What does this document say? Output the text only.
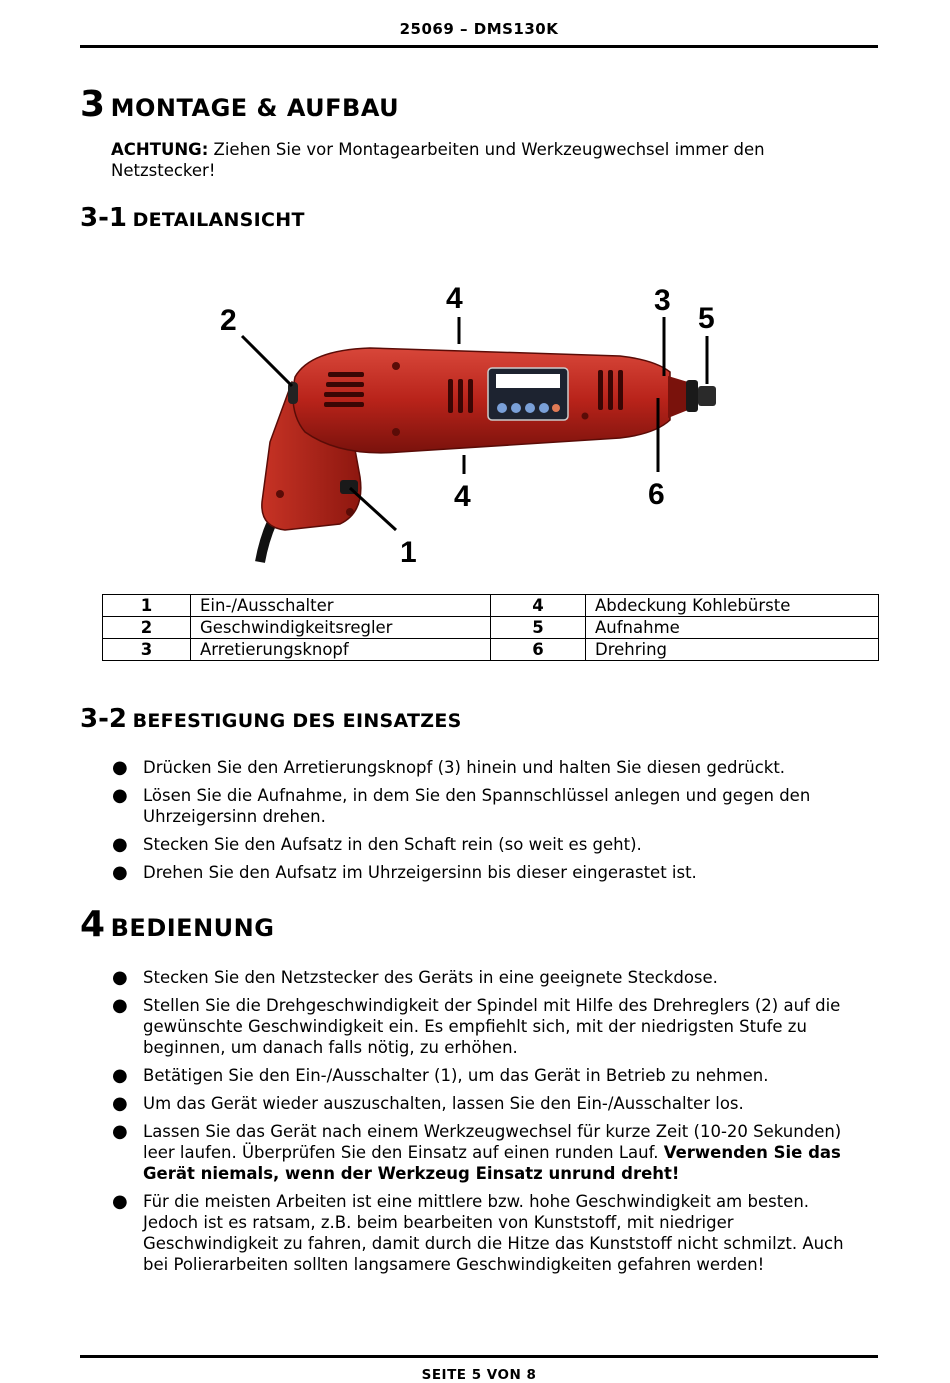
25069 – DMS130K
3 MONTAGE & AUFBAU
ACHTUNG: Ziehen Sie vor Montagearbeiten und Werkzeugwechsel immer den Netzstecker!
3-1 DETAILANSICHT
2
4	3
5
4	6
1
1	Ein-/Ausschalter	4	Abdeckung Kohlebürste
2	Geschwindigkeitsregler	5	Aufnahme
3	Arretierungsknopf	6	Drehring
3-2 BEFESTIGUNG DES EINSATZES
● Drücken Sie den Arretierungsknopf (3) hinein und halten Sie diesen gedrückt.
● Lösen Sie die Aufnahme, in dem Sie den Spannschlüssel anlegen und gegen den Uhrzeigersinn drehen.
● Stecken Sie den Aufsatz in den Schaft rein (so weit es geht).
● Drehen Sie den Aufsatz im Uhrzeigersinn bis dieser eingerastet ist.
4 BEDIENUNG
● Stecken Sie den Netzstecker des Geräts in eine geeignete Steckdose.
● Stellen Sie die Drehgeschwindigkeit der Spindel mit Hilfe des Drehreglers (2) auf die gewünschte Geschwindigkeit ein. Es empfiehlt sich, mit der niedrigsten Stufe zu beginnen, um danach falls nötig, zu erhöhen.
● Betätigen Sie den Ein-/Ausschalter (1), um das Gerät in Betrieb zu nehmen.
● Um das Gerät wieder auszuschalten, lassen Sie den Ein-/Ausschalter los.
● Lassen Sie das Gerät nach einem Werkzeugwechsel für kurze Zeit (10-20 Sekunden) leer laufen. Überprüfen Sie den Einsatz auf einen runden Lauf. Verwenden Sie das Gerät niemals, wenn der Werkzeug Einsatz unrund dreht!
● Für die meisten Arbeiten ist eine mittlere bzw. hohe Geschwindigkeit am besten. Jedoch ist es ratsam, z.B. beim bearbeiten von Kunststoff, mit niedriger Geschwindigkeit zu fahren, damit durch die Hitze das Kunststoff nicht schmilzt. Auch bei Polierarbeiten sollten langsamere Geschwindigkeiten gefahren werden!
SEITE 5 VON 8
